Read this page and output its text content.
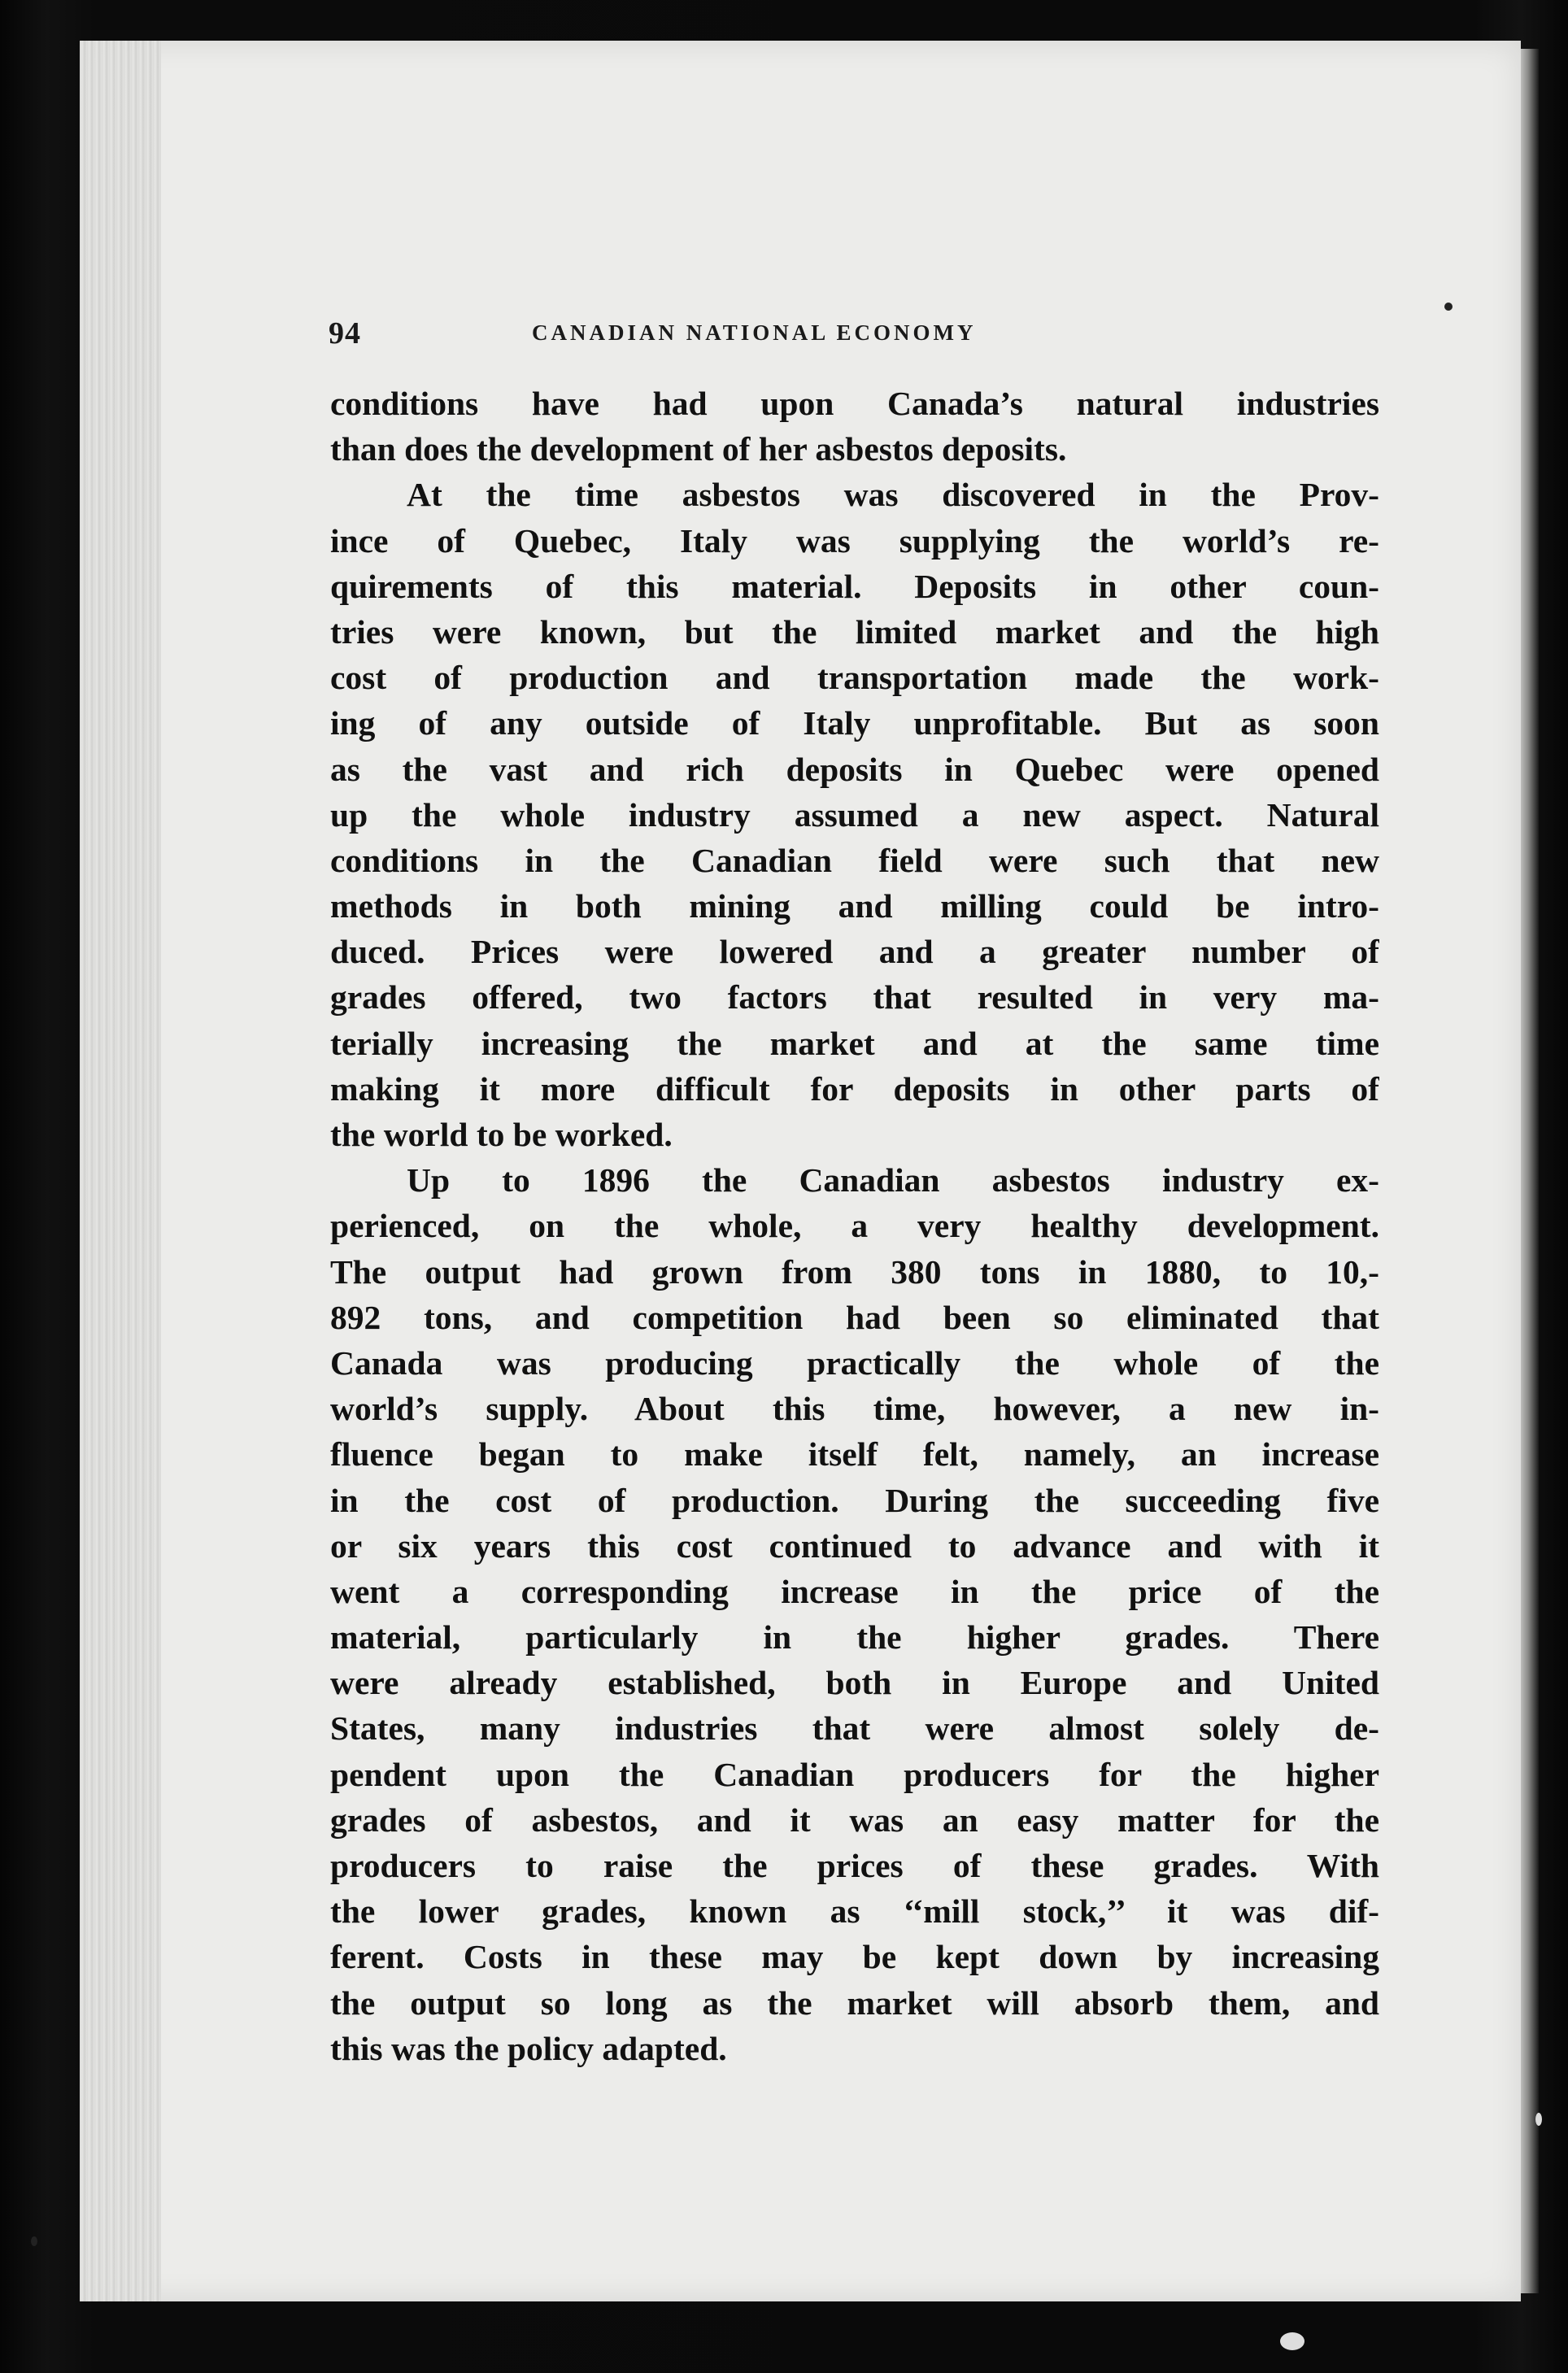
94	CANADIAN NATIONAL ECONOMY
conditions have had upon Canada’s natural industries
than does the development of her asbestos deposits.
At the time asbestos was discovered in the Prov-
ince of Quebec, Italy was supplying the world’s re-
quirements of this material. Deposits in other coun-
tries were known, but the limited market and the high
cost of production and transportation made the work-
ing of any outside of Italy unprofitable. But as soon
as the vast and rich deposits in Quebec were opened
up the whole industry assumed a new aspect. Natural
conditions in the Canadian field were such that new
methods in both mining and milling could be intro-
duced. Prices were lowered and a greater number of
grades offered, two factors that resulted in very ma-
terially increasing the market and at the same time
making it more difficult for deposits in other parts of
the world to be worked.
Up to 1896 the Canadian asbestos industry ex-
perienced, on the whole, a very healthy development.
The output had grown from 380 tons in 1880, to 10,-
892 tons, and competition had been so eliminated that
Canada was producing practically the whole of the
world’s supply. About this time, however, a new in-
fluence began to make itself felt, namely, an increase
in the cost of production. During the succeeding five
or six years this cost continued to advance and with it
went a corresponding increase in the price of the
material, particularly in the higher grades. There
were already established, both in Europe and United
States, many industries that were almost solely de-
pendent upon the Canadian producers for the higher
grades of asbestos, and it was an easy matter for the
producers to raise the prices of these grades. With
the lower grades, known as ‘‘mill stock,’’ it was dif-
ferent. Costs in these may be kept down by increasing
the output so long as the market will absorb them, and
this was the policy adapted.
